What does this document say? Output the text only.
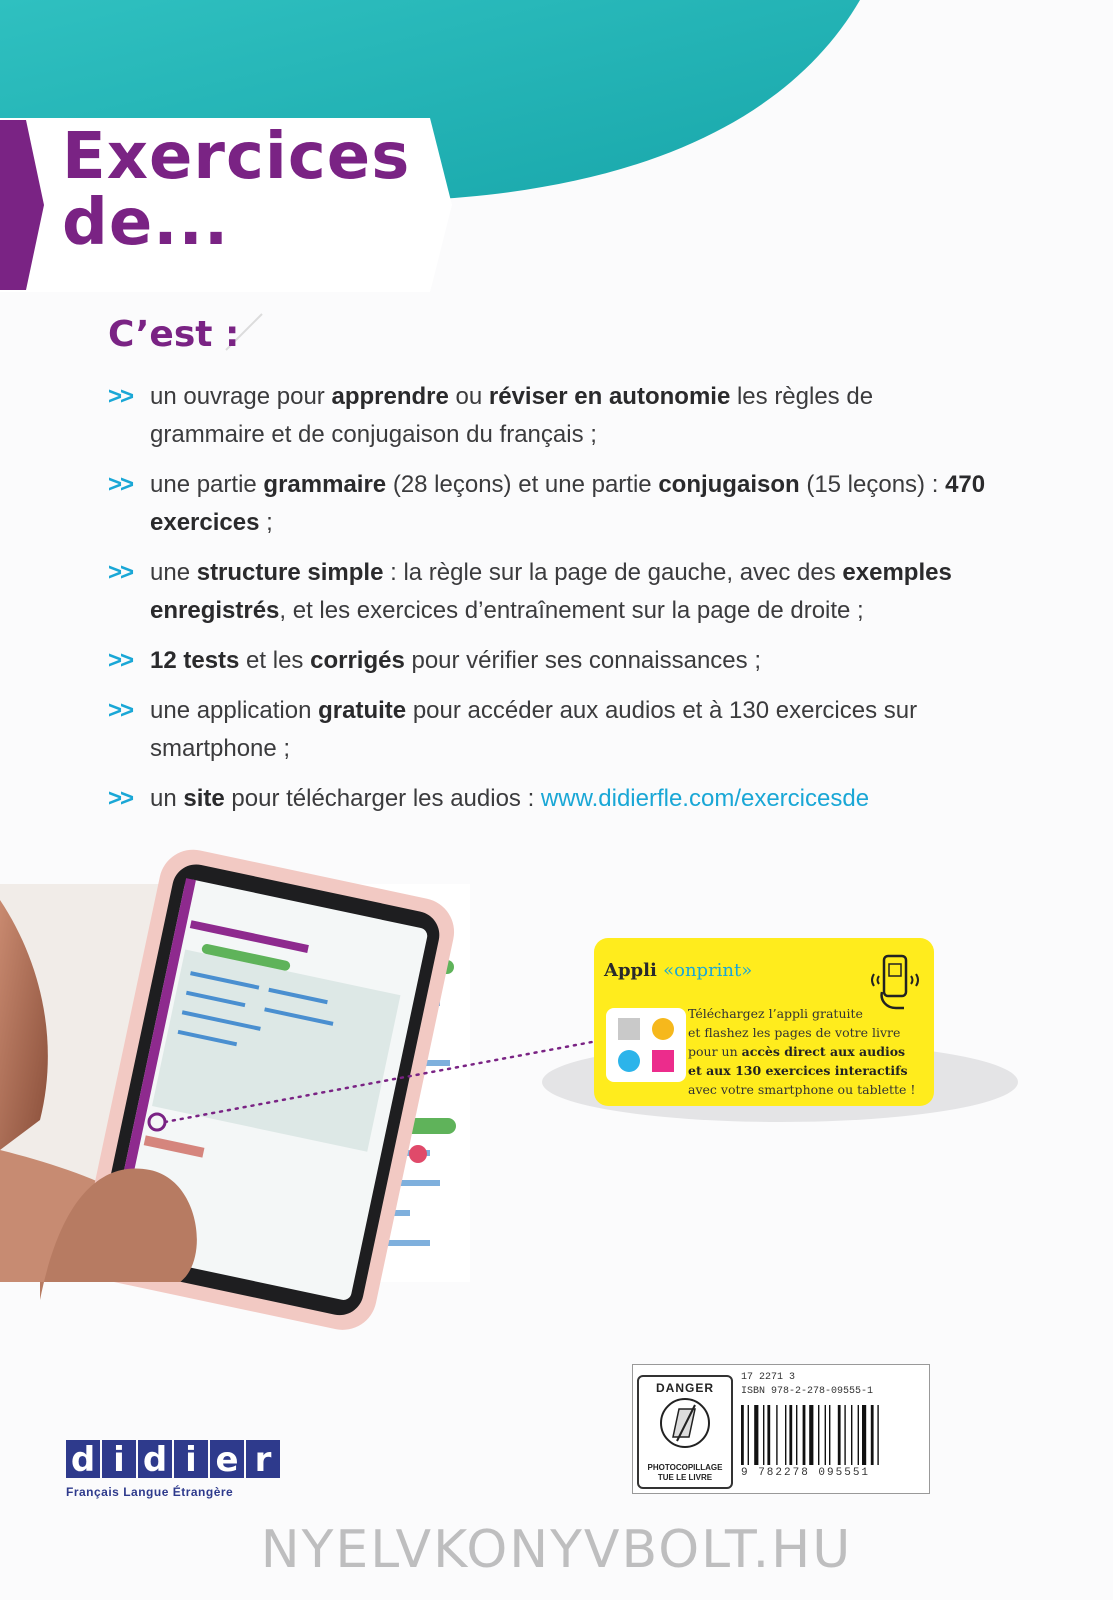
Exercices
de...
C’est :
>> un ouvrage pour apprendre ou réviser en autonomie les règles de grammaire et de conjugaison du français ;
>> une partie grammaire (28 leçons) et une partie conjugaison (15 leçons) : 470 exercices ;
>> une structure simple : la règle sur la page de gauche, avec des exemples enregistrés, et les exercices d’entraînement sur la page de droite ;
>> 12 tests et les corrigés pour vérifier ses connaissances ;
>> une application gratuite pour accéder aux audios et à 130 exercices sur smartphone ;
>> un site pour télécharger les audios : www.didierfle.com/exercicesde
Appli «onprint»
Téléchargez l’appli gratuite
et flashez les pages de votre livre
pour un accès direct aux audios
et aux 130 exercices interactifs
avec votre smartphone ou tablette !
DANGER
PHOTOCOPILLAGE TUE LE LIVRE
17 2271 3
ISBN 978-2-278-09555-1
9 782278 095551
d i d i e r
Français Langue Étrangère
NYELVKONYVBOLT.HU
